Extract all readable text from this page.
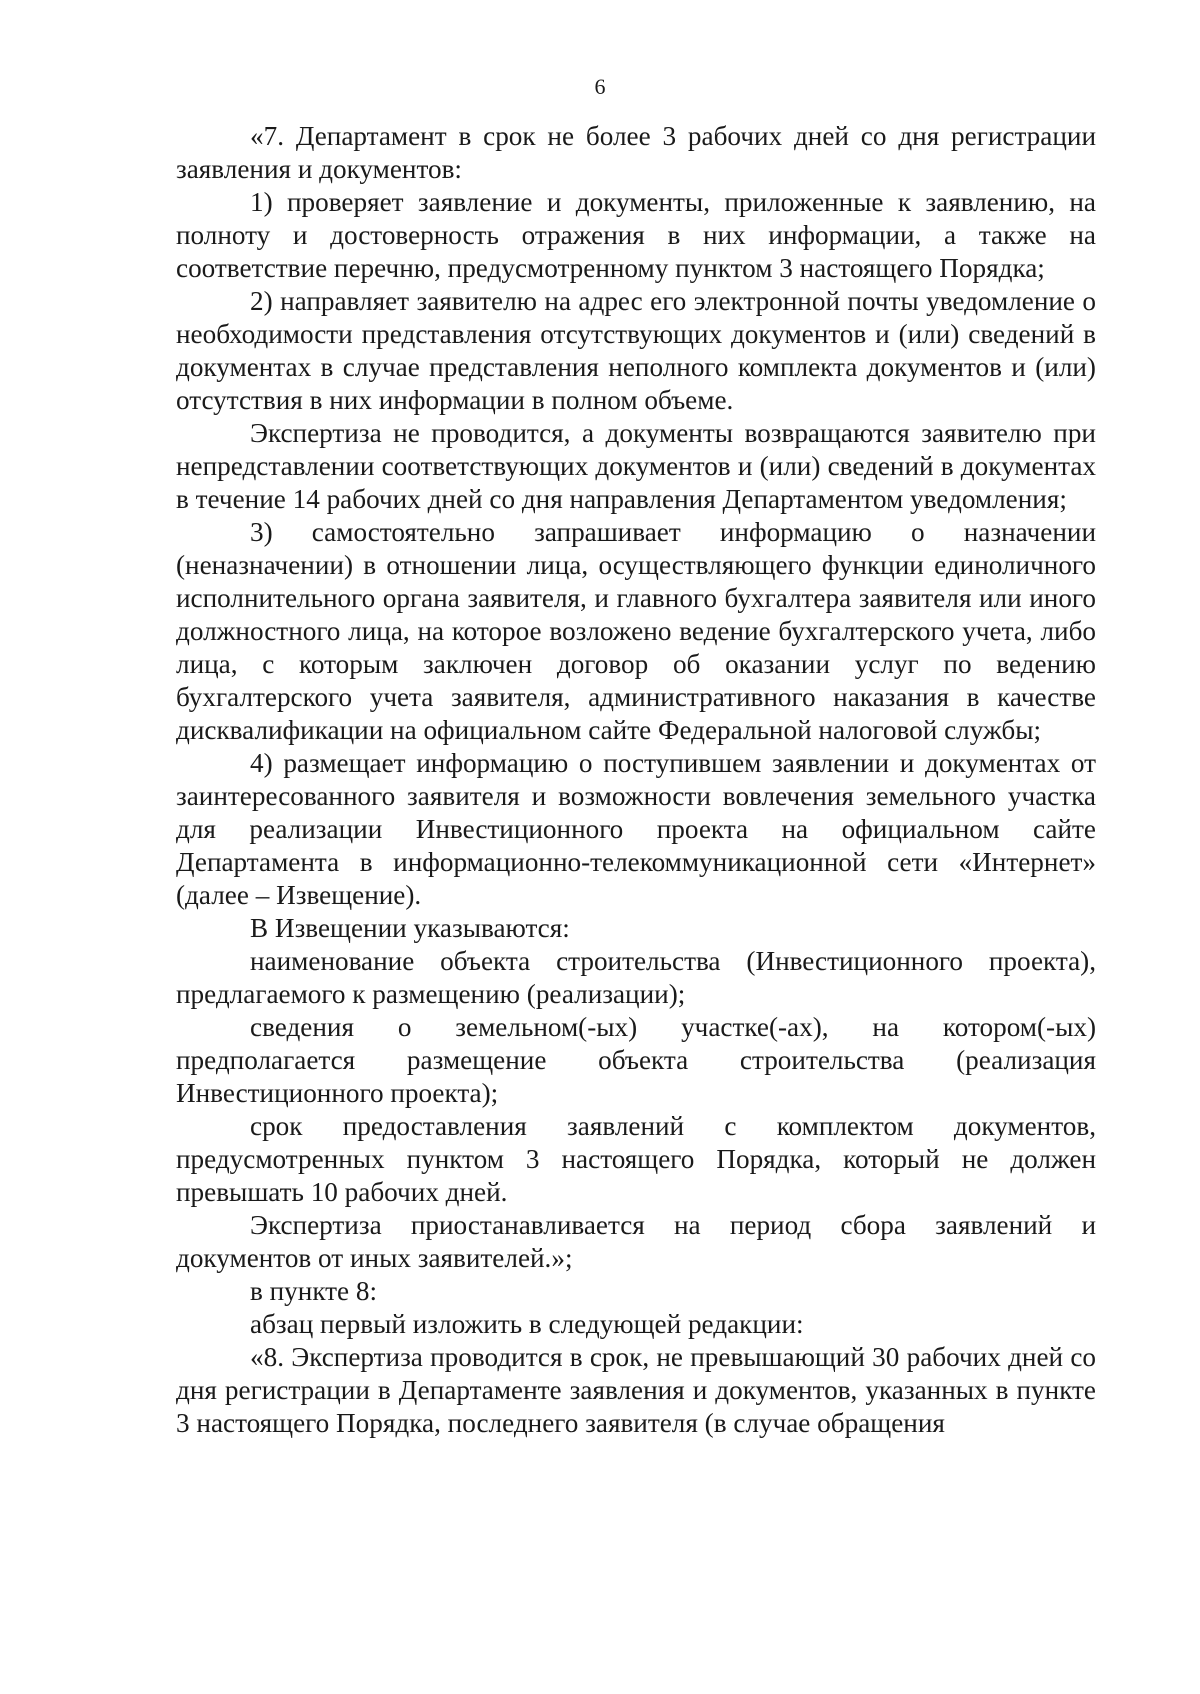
6

«7. Департамент в срок не более 3 рабочих дней со дня регистрации заявления и документов:

1) проверяет заявление и документы, приложенные к заявлению, на полноту и достоверность отражения в них информации, а также на соответствие перечню, предусмотренному пунктом 3 настоящего Порядка;

2) направляет заявителю на адрес его электронной почты уведомление о необходимости представления отсутствующих документов и (или) сведений в документах в случае представления неполного комплекта документов и (или) отсутствия в них информации в полном объеме.

Экспертиза не проводится, а документы возвращаются заявителю при непредставлении соответствующих документов и (или) сведений в документах в течение 14 рабочих дней со дня направления Департаментом уведомления;

3) самостоятельно запрашивает информацию о назначении (неназначении) в отношении лица, осуществляющего функции единоличного исполнительного органа заявителя, и главного бухгалтера заявителя или иного должностного лица, на которое возложено ведение бухгалтерского учета, либо лица, с которым заключен договор об оказании услуг по ведению бухгалтерского учета заявителя, административного наказания в качестве дисквалификации на официальном сайте Федеральной налоговой службы;

4) размещает информацию о поступившем заявлении и документах от заинтересованного заявителя и возможности вовлечения земельного участка для реализации Инвестиционного проекта на официальном сайте Департамента в информационно-телекоммуникационной сети «Интернет» (далее – Извещение).

В Извещении указываются:

наименование объекта строительства (Инвестиционного проекта), предлагаемого к размещению (реализации);

сведения о земельном(-ых) участке(-ах), на котором(-ых) предполагается размещение объекта строительства (реализация Инвестиционного проекта);

срок предоставления заявлений с комплектом документов, предусмотренных пунктом 3 настоящего Порядка, который не должен превышать 10 рабочих дней.

Экспертиза приостанавливается на период сбора заявлений и документов от иных заявителей.»;

в пункте 8:

абзац первый изложить в следующей редакции:

«8. Экспертиза проводится в срок, не превышающий 30 рабочих дней со дня регистрации в Департаменте заявления и документов, указанных в пункте 3 настоящего Порядка, последнего заявителя (в случае обращения
